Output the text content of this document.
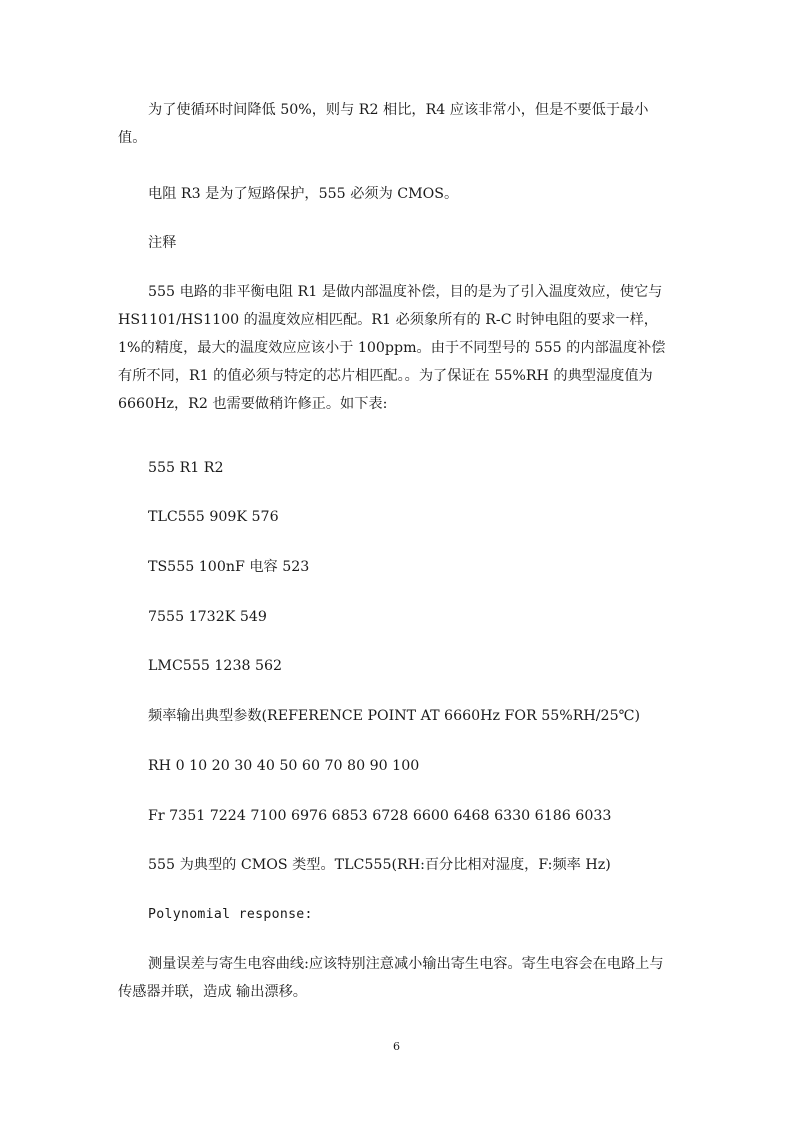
为了使循环时间降低 50%，则与 R2 相比，R4 应该非常小，但是不要低于最小值。

电阻 R3 是为了短路保护，555 必须为 CMOS。

注释

555 电路的非平衡电阻 R1 是做内部温度补偿，目的是为了引入温度效应，使它与 HS1101/HS1100 的温度效应相匹配。R1 必须象所有的 R-C 时钟电阻的要求一样，1%的精度，最大的温度效应应该小于 100ppm。由于不同型号的 555 的内部温度补偿有所不同，R1 的值必须与特定的芯片相匹配。。为了保证在 55%RH 的典型湿度值为 6660Hz，R2 也需要做稍许修正。如下表:

555 R1 R2

TLC555 909K 576

TS555 100nF 电容 523

7555 1732K 549

LMC555 1238 562

频率输出典型参数(REFERENCE POINT AT 6660Hz FOR 55%RH/25℃)

RH 0 10 20 30 40 50 60 70 80 90 100

Fr 7351 7224 7100 6976 6853 6728 6600 6468 6330 6186 6033

555 为典型的 CMOS 类型。TLC555(RH:百分比相对湿度，F:频率 Hz)

Polynomial response:

测量误差与寄生电容曲线:应该特别注意减小输出寄生电容。寄生电容会在电路上与传感器并联，造成 输出漂移。

6
